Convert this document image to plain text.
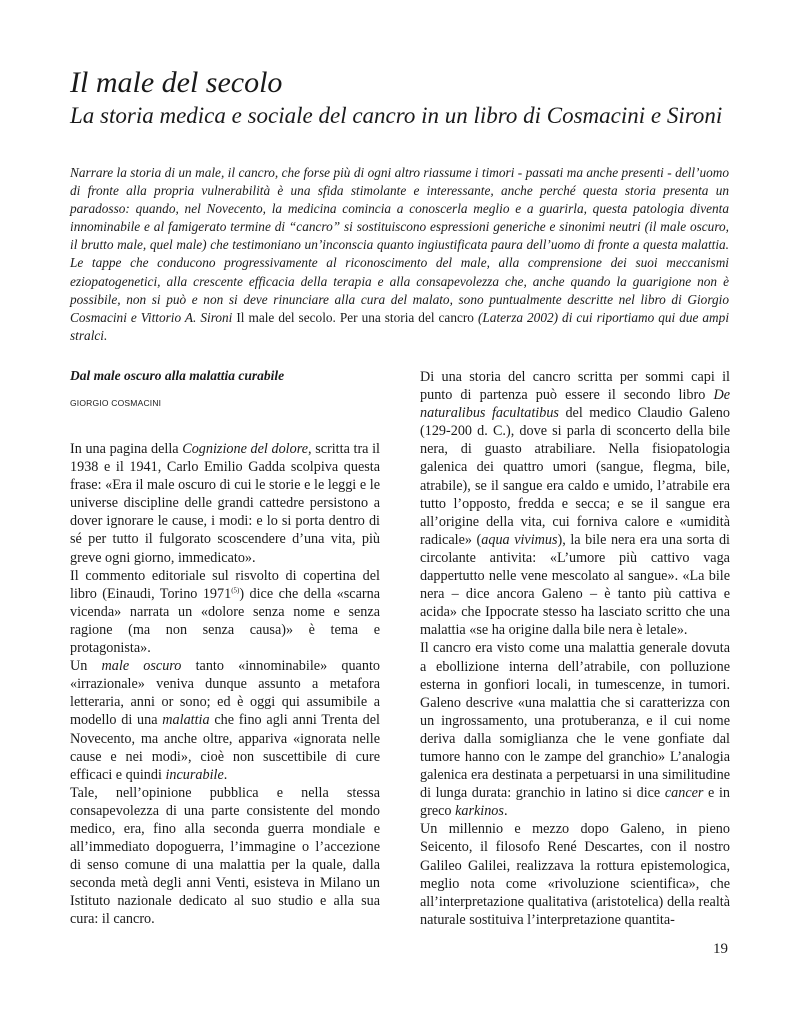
Il male del secolo
La storia medica e sociale del cancro in un libro di Cosmacini e Sironi
Narrare la storia di un male, il cancro, che forse più di ogni altro riassume i timori - passati ma anche presenti - dell’uomo di fronte alla propria vulnerabilità è una sfida stimolante e interessante, anche perché questa storia presenta un paradosso: quando, nel Novecento, la medicina comincia a conoscerla meglio e a guarirla, questa patologia diventa innominabile e al famigerato termine di “cancro” si sostituiscono espressioni generiche e sinonimi neutri (il male oscuro, il brutto male, quel male) che testimoniano un’inconscia quanto ingiustificata paura dell’uomo di fronte a questa malattia. Le tappe che conducono progressivamente al riconoscimento del male, alla comprensione dei suoi meccanismi eziopatogenetici, alla crescente efficacia della terapia e alla consapevolezza che, anche quando la guarigione non è possibile, non si può e non si deve rinunciare alla cura del malato, sono puntualmente descritte nel libro di Giorgio Cosmacini e Vittorio A. Sironi Il male del secolo. Per una storia del cancro (Laterza 2002) di cui riportiamo qui due ampi stralci.
Dal male oscuro alla malattia curabile
GIORGIO COSMACINI

In una pagina della Cognizione del dolore, scritta tra il 1938 e il 1941, Carlo Emilio Gadda scolpiva questa frase: «Era il male oscuro di cui le storie e le leggi e le universe discipline delle grandi cattedre persistono a dover ignorare le cause, i modi: e lo si porta dentro di sé per tutto il fulgorato scoscendere d’una vita, più greve ogni giorno, immedicato».

Il commento editoriale sul risvolto di copertina del libro (Einaudi, Torino 1971$^{(5)}$) dice che della «scarna vicenda» narrata un «dolore senza nome e senza ragione (ma non senza causa)» è tema e protagonista».

Un male oscuro tanto «innominabile» quanto «irrazionale» veniva dunque assunto a metafora letteraria, anni or sono; ed è oggi qui assumibile a modello di una malattia che fino agli anni Trenta del Novecento, ma anche oltre, appariva «ignorata nelle cause e nei modi», cioè non suscettibile di cure efficaci e quindi incurabile.

Tale, nell’opinione pubblica e nella stessa consapevolezza di una parte consistente del mondo medico, era, fino alla seconda guerra mondiale e all’immediato dopoguerra, l’immagine o l’accezione di senso comune di una malattia per la quale, dalla seconda metà degli anni Venti, esisteva in Milano un Istituto nazionale dedicato al suo studio e alla sua cura: il cancro.

Di una storia del cancro scritta per sommi capi il punto di partenza può essere il secondo libro De naturalibus facultatibus del medico Claudio Galeno (129-200 d. C.), dove si parla di sconcerto della bile nera, di guasto atrabiliare. Nella fisiopatologia galenica dei quattro umori (sangue, flegma, bile, atrabile), se il sangue era caldo e umido, l’atrabile era tutto l’opposto, fredda e secca; e se il sangue era all’origine della vita, cui forniva calore e «umidità radicale» (aqua vivimus), la bile nera era una sorta di circolante antivita: «L’umore più cattivo vaga dappertutto nelle vene mescolato al sangue». «La bile nera – dice ancora Galeno – è tanto più cattiva e acida» che Ippocrate stesso ha lasciato scritto che una malattia «se ha origine dalla bile nera è letale».

Il cancro era visto come una malattia generale dovuta a ebollizione interna dell’atrabile, con polluzione esterna in gonfiori locali, in tumescenze, in tumori. Galeno descrive «una malattia che si caratterizza con un ingrossamento, una protuberanza, e il cui nome deriva dalla somiglianza che le vene gonfiate dal tumore hanno con le zampe del granchio» L’analogia galenica era destinata a perpetuarsi in una similitudine di lunga durata: granchio in latino si dice cancer e in greco karkinos.

Un millennio e mezzo dopo Galeno, in pieno Seicento, il filosofo René Descartes, con il nostro Galileo Galilei, realizzava la rottura epistemologica, meglio nota come «rivoluzione scientifica», che all’interpretazione qualitativa (aristotelica) della realtà naturale sostituiva l’interpretazione quantita-

19
